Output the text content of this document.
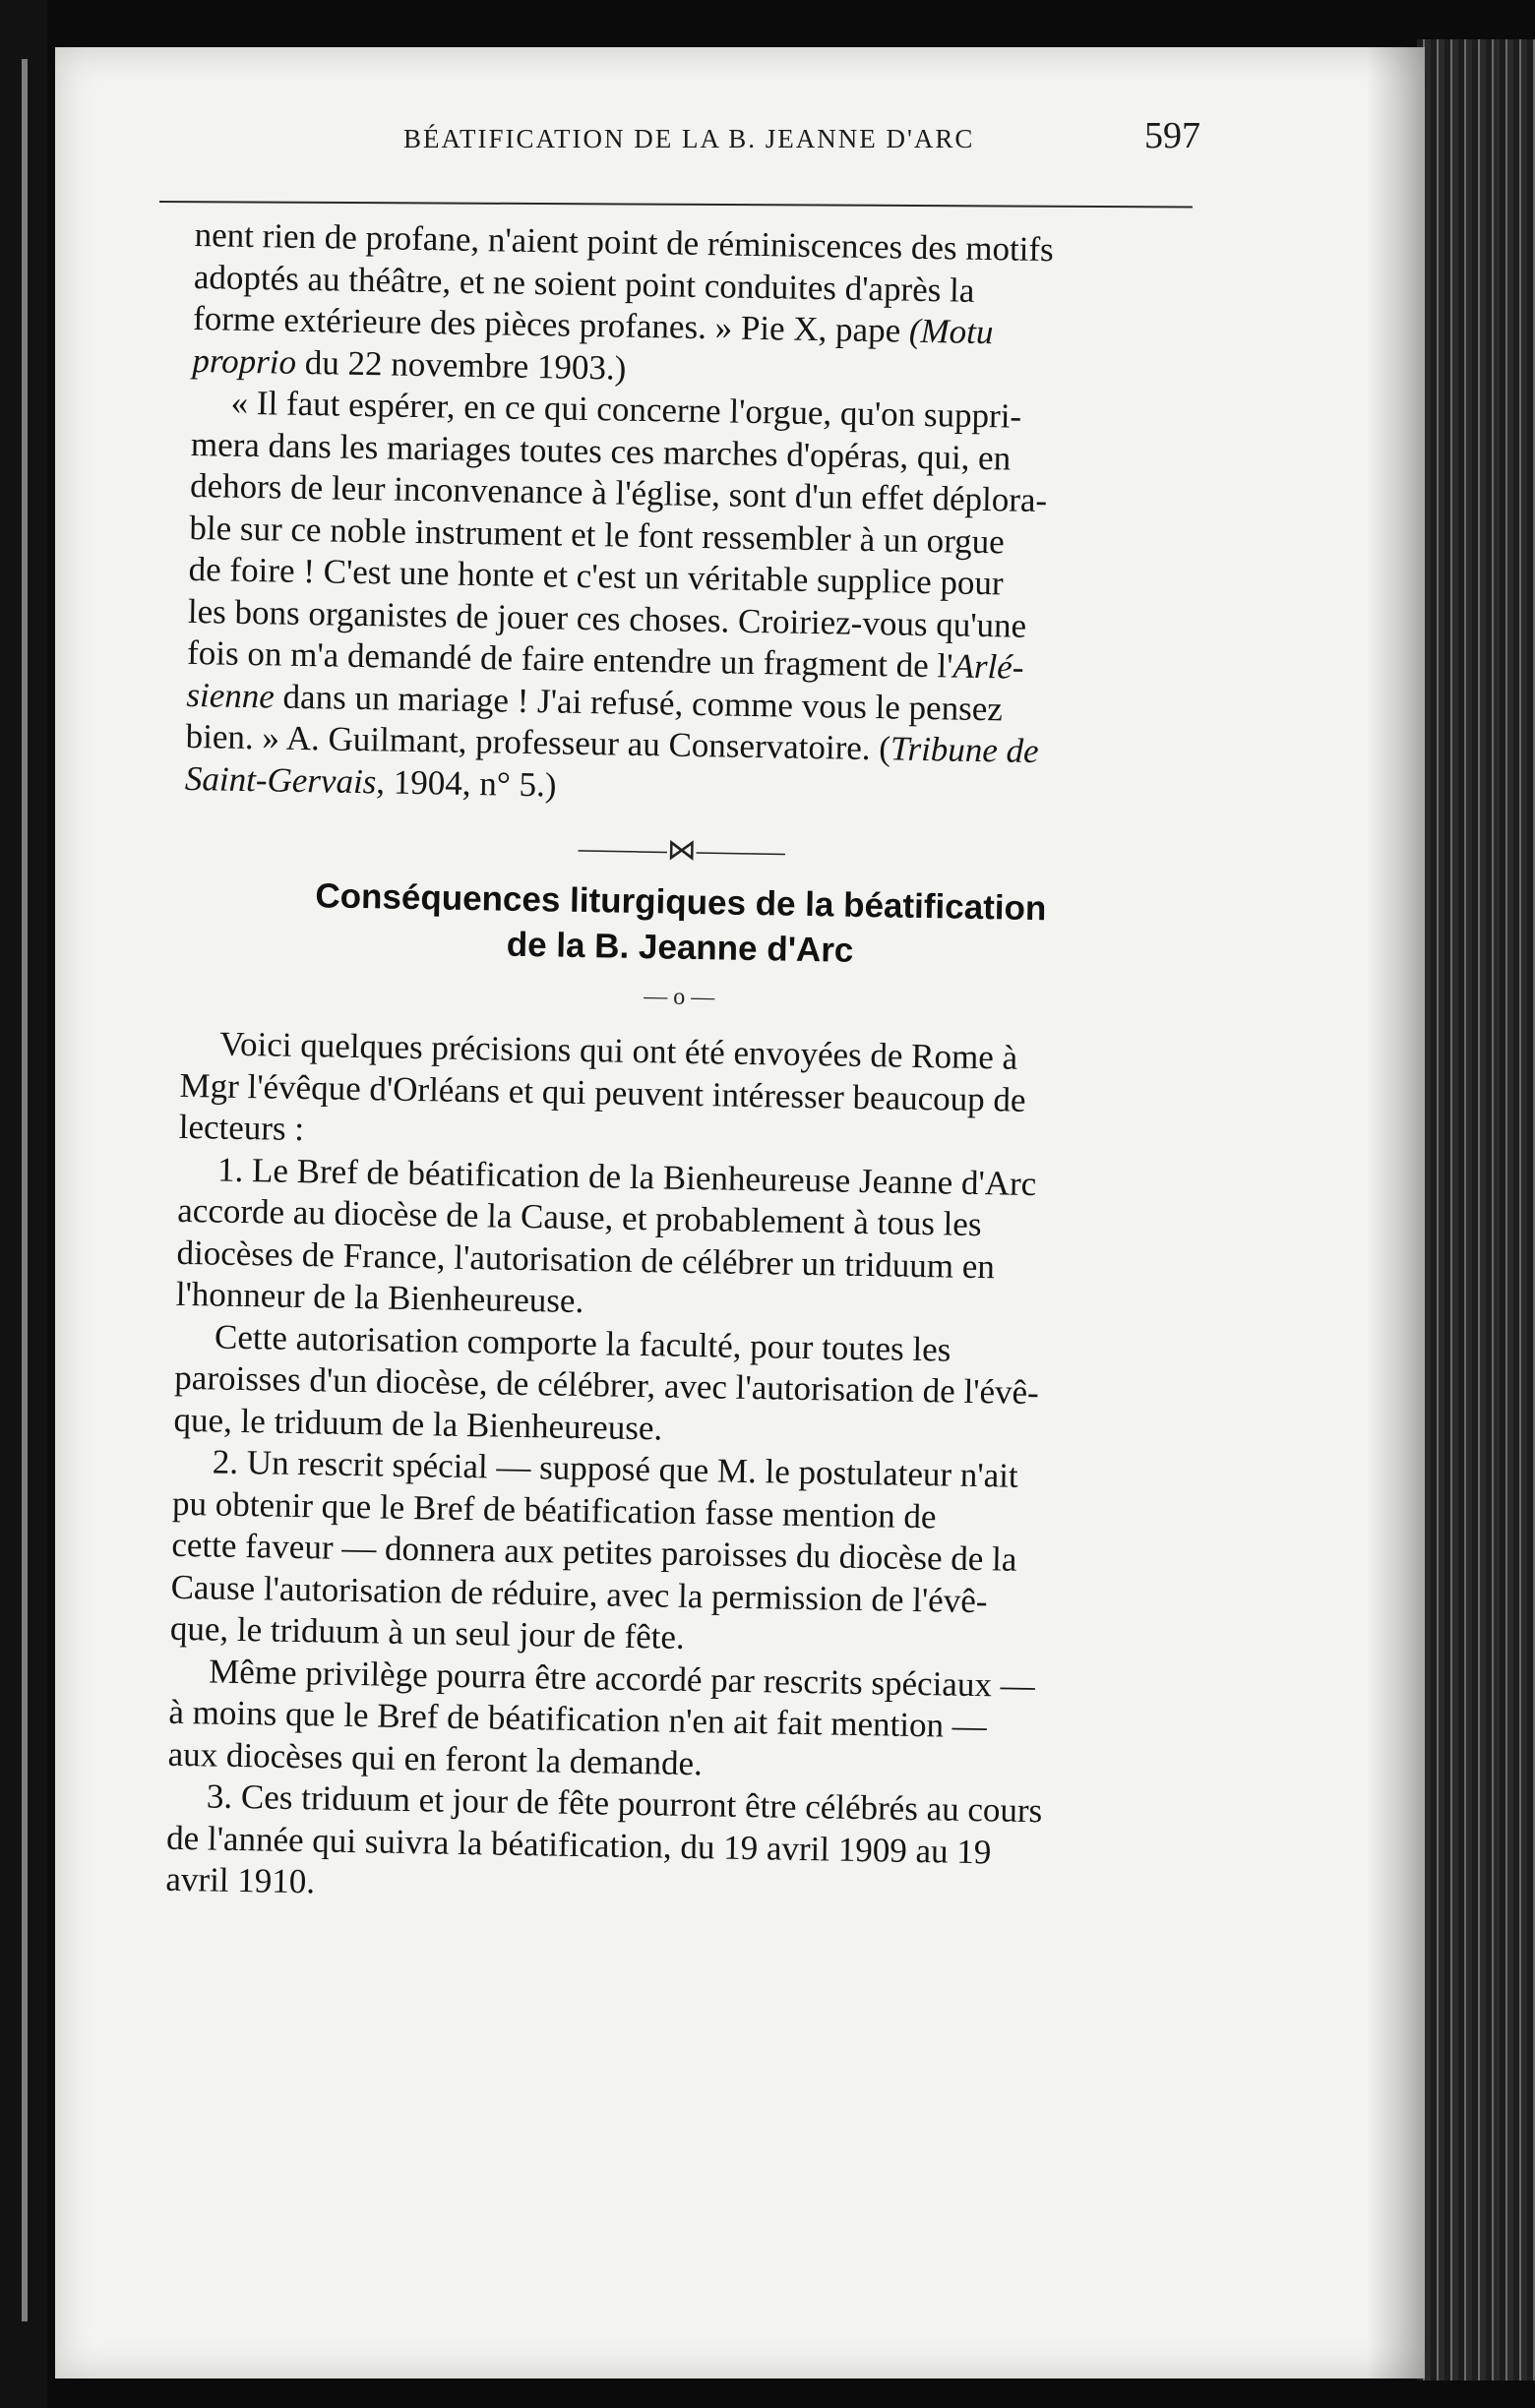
BÉATIFICATION DE LA B. JEANNE D'ARC	597

nent rien de profane, n'aient point de réminiscences des motifs

adoptés au théâtre, et ne soient point conduites d'après la

forme extérieure des pièces profanes. » Pie X, pape (Motu

proprio du 22 novembre 1903.)

« Il faut espérer, en ce qui concerne l'orgue, qu'on suppri-

mera dans les mariages toutes ces marches d'opéras, qui, en

dehors de leur inconvenance à l'église, sont d'un effet déplora-

ble sur ce noble instrument et le font ressembler à un orgue

de foire ! C'est une honte et c'est un véritable supplice pour

les bons organistes de jouer ces choses. Croiriez-vous qu'une

fois on m'a demandé de faire entendre un fragment de l'Arlé-

sienne dans un mariage ! J'ai refusé, comme vous le pensez

bien. » A. Guilmant, professeur au Conservatoire. (Tribune de

Saint-Gervais, 1904, n° 5.)

———⋈———
Conséquences liturgiques de la béatification
de la B. Jeanne d'Arc
— o —

Voici quelques précisions qui ont été envoyées de Rome à

Mgr l'évêque d'Orléans et qui peuvent intéresser beaucoup de

lecteurs :

1. Le Bref de béatification de la Bienheureuse Jeanne d'Arc

accorde au diocèse de la Cause, et probablement à tous les

diocèses de France, l'autorisation de célébrer un triduum en

l'honneur de la Bienheureuse.

Cette autorisation comporte la faculté, pour toutes les

paroisses d'un diocèse, de célébrer, avec l'autorisation de l'évê-

que, le triduum de la Bienheureuse.

2. Un rescrit spécial — supposé que M. le postulateur n'ait

pu obtenir que le Bref de béatification fasse mention de

cette faveur — donnera aux petites paroisses du diocèse de la

Cause l'autorisation de réduire, avec la permission de l'évê-

que, le triduum à un seul jour de fête.

Même privilège pourra être accordé par rescrits spéciaux —

à moins que le Bref de béatification n'en ait fait mention —

aux diocèses qui en feront la demande.

3. Ces triduum et jour de fête pourront être célébrés au cours

de l'année qui suivra la béatification, du 19 avril 1909 au 19

avril 1910.
